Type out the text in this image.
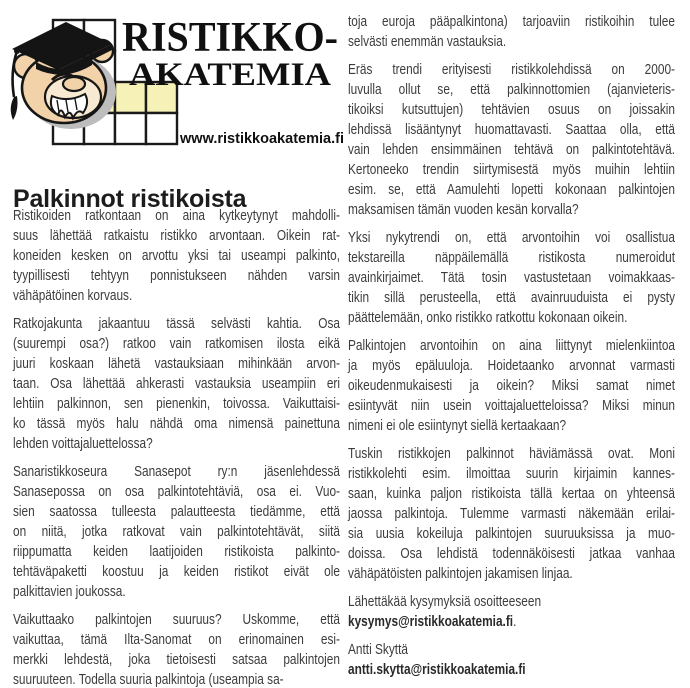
RISTIKKO-
AKATEMIA
www.ristikkoakatemia.fi
Palkinnot ristikoista
Ristikoiden ratkontaan on aina kytkeytynyt mahdolli-
suus lähettää ratkaistu ristikko arvontaan. Oikein rat-
koneiden kesken on arvottu yksi tai useampi palkinto,
tyypillisesti tehtyyn ponnistukseen nähden varsin
vähäpätöinen korvaus.
Ratkojakunta jakaantuu tässä selvästi kahtia. Osa
(suurempi osa?) ratkoo vain ratkomisen ilosta eikä
juuri koskaan lähetä vastauksiaan mihinkään arvon-
taan. Osa lähettää ahkerasti vastauksia useampiin eri
lehtiin palkinnon, sen pienenkin, toivossa. Vaikuttaisi-
ko tässä myös halu nähdä oma nimensä painettuna
lehden voittajaluettelossa?
Sanaristikkoseura Sanasepot ry:n jäsenlehdessä
Sanasepossa on osa palkintotehtäviä, osa ei. Vuo-
sien saatossa tulleesta palautteesta tiedämme, että
on niitä, jotka ratkovat vain palkintotehtävät, siitä
riippumatta keiden laatijoiden ristikoista palkinto-
tehtäväpaketti koostuu ja keiden ristikot eivät ole
palkittavien joukossa.
Vaikuttaako palkintojen suuruus? Uskomme, että
vaikuttaa, tämä Ilta-Sanomat on erinomainen esi-
merkki lehdestä, joka tietoisesti satsaa palkintojen
suuruuteen. Todella suuria palkintoja (useampia sa-
toja euroja pääpalkintona) tarjoaviin ristikoihin tulee
selvästi enemmän vastauksia.
Eräs trendi erityisesti ristikkolehdissä on 2000-
luvulla ollut se, että palkinnottomien (ajanvieteris-
tikoiksi kutsuttujen) tehtävien osuus on joissakin
lehdissä lisääntynyt huomattavasti. Saattaa olla, että
vain lehden ensimmäinen tehtävä on palkintotehtävä.
Kertoneeko trendin siirtymisestä myös muihin lehtiin
esim. se, että Aamulehti lopetti kokonaan palkintojen
maksamisen tämän vuoden kesän korvalla?
Yksi nykytrendi on, että arvontoihin voi osallistua
tekstareilla näppäilemällä ristikosta numeroidut
avainkirjaimet. Tätä tosin vastustetaan voimakkaas-
tikin sillä perusteella, että avainruuduista ei pysty
päättelemään, onko ristikko ratkottu kokonaan oikein.
Palkintojen arvontoihin on aina liittynyt mielenkiintoa
ja myös epäluuloja. Hoidetaanko arvonnat varmasti
oikeudenmukaisesti ja oikein? Miksi samat nimet
esiintyvät niin usein voittajaluetteloissa? Miksi minun
nimeni ei ole esiintynyt siellä kertaakaan?
Tuskin ristikkojen palkinnot häviämässä ovat. Moni
ristikkolehti esim. ilmoittaa suurin kirjaimin kannes-
saan, kuinka paljon ristikoista tällä kertaa on yhteensä
jaossa palkintoja. Tulemme varmasti näkemään erilai-
sia uusia kokeiluja palkintojen suuruuksissa ja muo-
doissa. Osa lehdistä todennäköisesti jatkaa vanhaa
vähäpätöisten palkintojen jakamisen linjaa.
Lähettäkää kysymyksiä osoitteeseen
kysymys@ristikkoakatemia.fi.
Antti Skyttä
antti.skytta@ristikkoakatemia.fi
